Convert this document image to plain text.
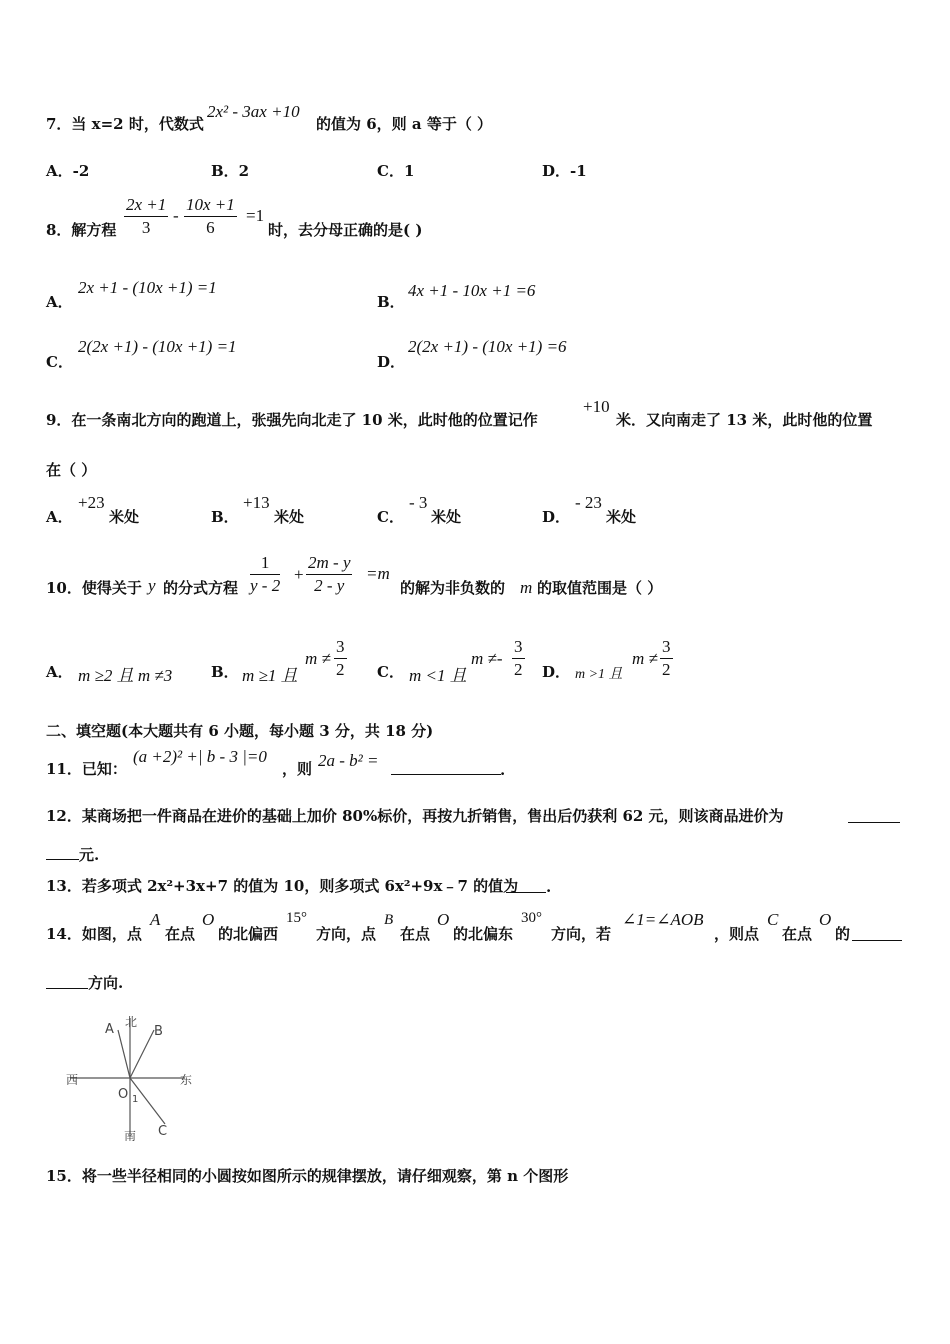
7．当 x=2 时，代数式
2x² - 3ax +10
的值为 6，则 a 等于（ ）
A．-2	B．2	C．1	D．-1
8．解方程 $\frac{2x +1}{3} - \frac{10x +1}{6} =1$
时，去分母正确的是( )
A．
2x +1 - (10x +1) =1
B．
4x +1 - 10x +1 =6
C．
2(2x +1) - (10x +1) =1
D．
2(2x +1) - (10x +1) =6
9．在一条南北方向的跑道上，张强先向北走了 10 米，此时他的位置记作
+10
米．又向南走了 13 米，此时他的位置
在（ ）
A．
+23
米处	B．
+13
米处	C．
- 3
米处	D．
- 23
米处
10．使得关于 y 的分式方程 $\frac{1}{y - 2} + \frac{2m - y}{2 - y} =m$
的解为非负数的 m 的取值范围是（ ）
A． m ≥2 且 m ≠3	B． m ≥1 且
$m \ne \frac{3}{2}$ C． m <1 且
$m \ne- \frac{3}{2}$ D． m >1 且
$m \ne \frac{3}{2}$
二、填空题(本大题共有 6 小题，每小题 3 分，共 18 分)
11．已知：
(a +2)² +| b - 3 |=0
，则 2a - b² =	.
12．某商场把一件商品在进价的基础上加价 80%标价，再按九折销售，售出后仍获利 62 元，则该商品进价为
元.
13．若多项式 2x²+3x+7 的值为 10，则多项式 6x²+9x﹣7 的值为 .
14．如图，点
A
在点
O
的北偏西
15°
方向，点
B
在点
O
的北偏东
30°
方向，若
∠1=∠AOB
，则点
C
在点
O
的
方向.
北
南
西	东
A	B
C
O 1
15．将一些半径相同的小圆按如图所示的规律摆放，请仔细观察，第 n 个图形
